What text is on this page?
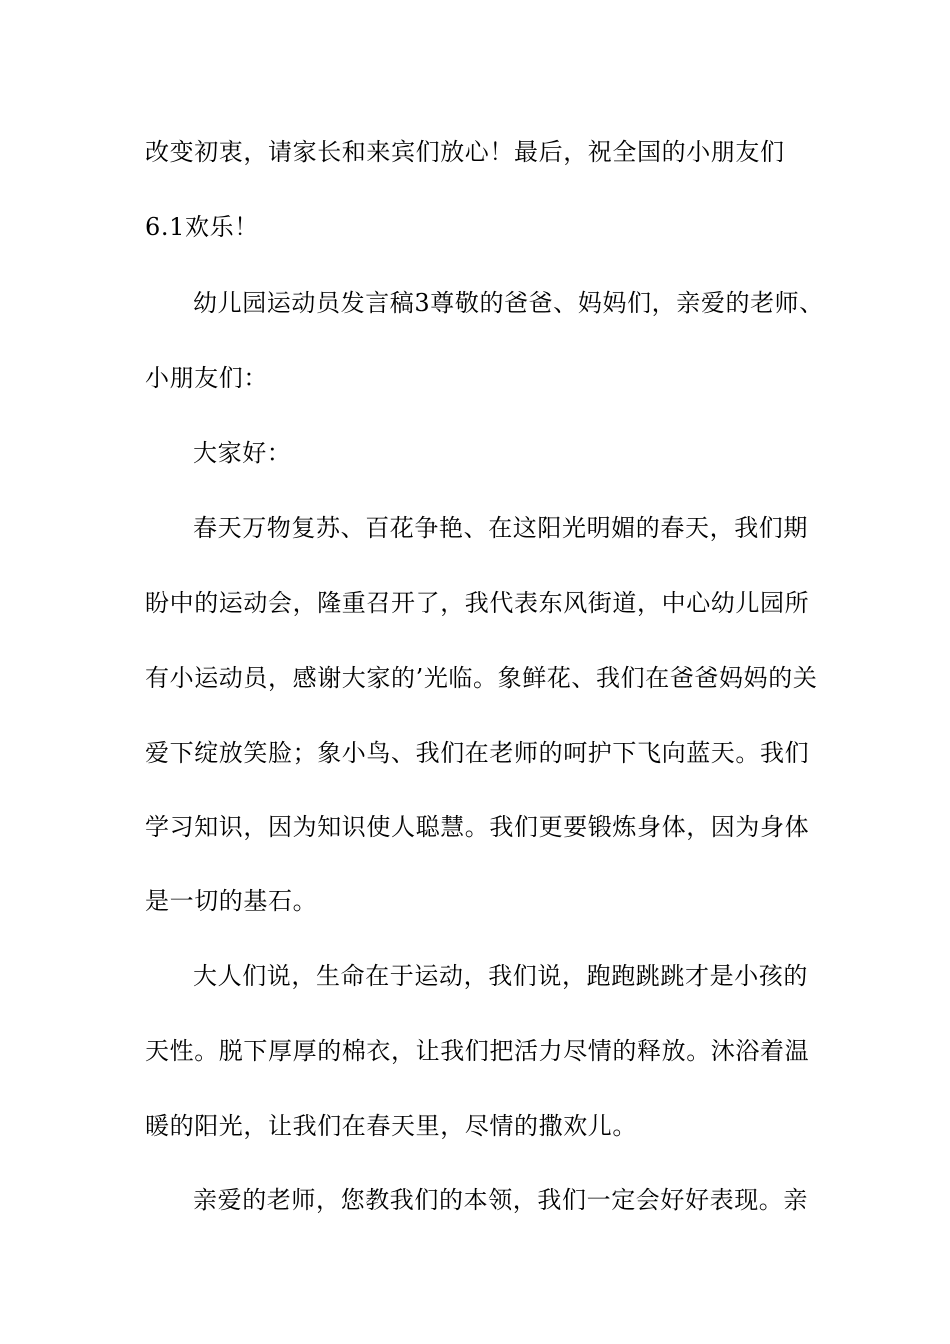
改变初衷，请家长和来宾们放心！最后，祝全国的小朋友们
6.1欢乐！
幼儿园运动员发言稿3尊敬的爸爸、妈妈们，亲爱的老师、
小朋友们：
大家好：
春天万物复苏、百花争艳、在这阳光明媚的春天，我们期
盼中的运动会，隆重召开了，我代表东风街道，中心幼儿园所
有小运动员，感谢大家的’光临。象鲜花、我们在爸爸妈妈的关
爱下绽放笑脸；象小鸟、我们在老师的呵护下飞向蓝天。我们
学习知识，因为知识使人聪慧。我们更要锻炼身体，因为身体
是一切的基石。
大人们说，生命在于运动，我们说，跑跑跳跳才是小孩的
天性。脱下厚厚的棉衣，让我们把活力尽情的释放。沐浴着温
暖的阳光，让我们在春天里，尽情的撒欢儿。
亲爱的老师，您教我们的本领，我们一定会好好表现。亲
